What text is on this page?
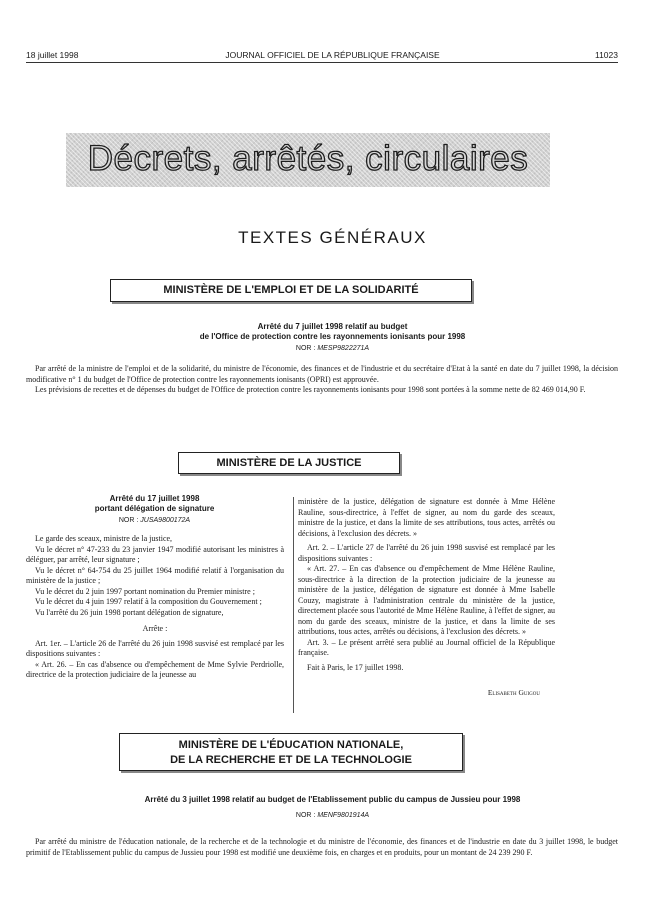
18 juillet 1998	JOURNAL OFFICIEL DE LA RÉPUBLIQUE FRANÇAISE	11023
Décrets, arrêtés, circulaires
TEXTES GÉNÉRAUX
MINISTÈRE DE L'EMPLOI ET DE LA SOLIDARITÉ
Arrêté du 7 juillet 1998 relatif au budget
de l'Office de protection contre les rayonnements ionisants pour 1998
NOR : MESP9822271A

Par arrêté de la ministre de l'emploi et de la solidarité, du ministre de l'économie, des finances et de l'industrie et du secrétaire d'Etat à la santé en date du 7 juillet 1998, la décision modificative n° 1 du budget de l'Office de protection contre les rayonnements ionisants (OPRI) est approuvée.

Les prévisions de recettes et de dépenses du budget de l'Office de protection contre les rayonnements ionisants pour 1998 sont portées à la somme nette de 82 469 014,90 F.

MINISTÈRE DE LA JUSTICE
Arrêté du 17 juillet 1998
portant délégation de signature
NOR : JUSA9800172A

Le garde des sceaux, ministre de la justice,

Vu le décret n° 47-233 du 23 janvier 1947 modifié autorisant les ministres à déléguer, par arrêté, leur signature ;

Vu le décret n° 64-754 du 25 juillet 1964 modifié relatif à l'organisation du ministère de la justice ;

Vu le décret du 2 juin 1997 portant nomination du Premier ministre ;

Vu le décret du 4 juin 1997 relatif à la composition du Gouvernement ;

Vu l'arrêté du 26 juin 1998 portant délégation de signature,

Arrête :

Art. 1er. – L'article 26 de l'arrêté du 26 juin 1998 susvisé est remplacé par les dispositions suivantes :

« Art. 26. – En cas d'absence ou d'empêchement de Mme Sylvie Perdriolle, directrice de la protection judiciaire de la jeunesse au

ministère de la justice, délégation de signature est donnée à Mme Hélène Rauline, sous-directrice, à l'effet de signer, au nom du garde des sceaux, ministre de la justice, et dans la limite de ses attributions, tous actes, arrêtés ou décisions, à l'exclusion des décrets. »

Art. 2. – L'article 27 de l'arrêté du 26 juin 1998 susvisé est remplacé par les dispositions suivantes :

« Art. 27. – En cas d'absence ou d'empêchement de Mme Hélène Rauline, sous-directrice à la direction de la protection judiciaire de la jeunesse au ministère de la justice, délégation de signature est donnée à Mme Isabelle Couzy, magistrate à l'administration centrale du ministère de la justice, directement placée sous l'autorité de Mme Hélène Rauline, à l'effet de signer, au nom du garde des sceaux, ministre de la justice, et dans la limite de ses attributions, tous actes, arrêtés ou décisions, à l'exclusion des décrets. »

Art. 3. – Le présent arrêté sera publié au Journal officiel de la République française.

Fait à Paris, le 17 juillet 1998.

Elisabeth Guigou
MINISTÈRE DE L'ÉDUCATION NATIONALE,
DE LA RECHERCHE ET DE LA TECHNOLOGIE
Arrêté du 3 juillet 1998 relatif au budget de l'Etablissement public du campus de Jussieu pour 1998
NOR : MENF9801914A

Par arrêté du ministre de l'éducation nationale, de la recherche et de la technologie et du ministre de l'économie, des finances et de l'industrie en date du 3 juillet 1998, le budget primitif de l'Etablissement public du campus de Jussieu pour 1998 est modifié une deuxième fois, en charges et en produits, pour un montant de 24 239 290 F.
